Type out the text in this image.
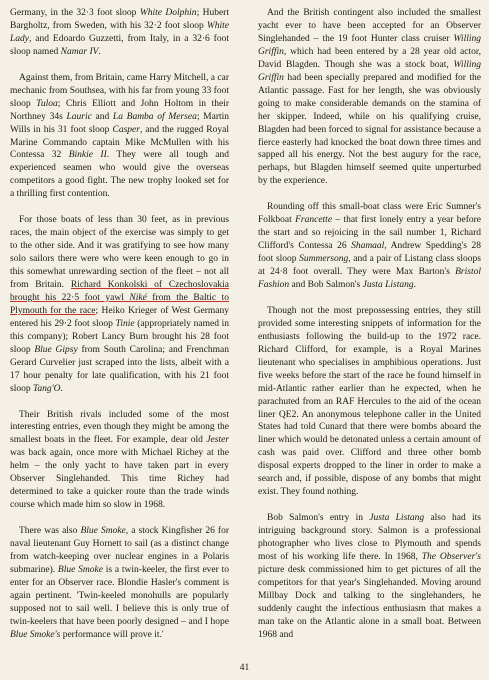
Germany, in the 32·3 foot sloop White Dolphin; Hubert Bargholtz, from Sweden, with his 32·2 foot sloop White Lady, and Edoardo Guzzetti, from Italy, in a 32·6 foot sloop named Namar IV.

Against them, from Britain, came Harry Mitchell, a car mechanic from Southsea, with his far from young 33 foot sloop Tuloa; Chris Elliott and John Holtom in their Northney 34s Lauric and La Bamba of Mersea; Martin Wills in his 31 foot sloop Casper, and the rugged Royal Marine Commando captain Mike McMullen with his Contessa 32 Binkie II. They were all tough and experienced seamen who would give the overseas competitors a good fight. The new trophy looked set for a thrilling first contention.

For those boats of less than 30 feet, as in previous races, the main object of the exercise was simply to get to the other side. And it was gratifying to see how many solo sailors there were who were keen enough to go in this somewhat unrewarding section of the fleet – not all from Britain. Richard Konkolski of Czechoslovakia brought his 22·5 foot yawl Niké from the Baltic to Plymouth for the race; Heiko Krieger of West Germany entered his 29·2 foot sloop Tinie (appropriately named in this company); Robert Lancy Burn brought his 28 foot sloop Blue Gipsy from South Carolina; and Frenchman Gerard Curvelier just scraped into the lists, albeit with a 17 hour penalty for late qualification, with his 21 foot sloop Tang'O.

Their British rivals included some of the most interesting entries, even though they might be among the smallest boats in the fleet. For example, dear old Jester was back again, once more with Michael Richey at the helm – the only yacht to have taken part in every Observer Singlehanded. This time Richey had determined to take a quicker route than the trade winds course which made him so slow in 1968.

There was also Blue Smoke, a stock Kingfisher 26 for naval lieutenant Guy Hornett to sail (as a distinct change from watch-keeping over nuclear engines in a Polaris submarine). Blue Smoke is a twin-keeler, the first ever to enter for an Observer race. Blondie Hasler's comment is again pertinent. 'Twin-keeled monohulls are popularly supposed not to sail well. I believe this is only true of twin-keelers that have been poorly designed – and I hope Blue Smoke's performance will prove it.'

And the British contingent also included the smallest yacht ever to have been accepted for an Observer Singlehanded – the 19 foot Hunter class cruiser Willing Griffin, which had been entered by a 28 year old actor, David Blagden. Though she was a stock boat, Willing Griffin had been specially prepared and modified for the Atlantic passage. Fast for her length, she was obviously going to make considerable demands on the stamina of her skipper. Indeed, while on his qualifying cruise, Blagden had been forced to signal for assistance because a fierce easterly had knocked the boat down three times and sapped all his energy. Not the best augury for the race, perhaps, but Blagden himself seemed quite unperturbed by the experience.

Rounding off this small-boat class were Eric Sumner's Folkboat Francette – that first lonely entry a year before the start and so rejoicing in the sail number 1, Richard Clifford's Contessa 26 Shamaal, Andrew Spedding's 28 foot sloop Summersong, and a pair of Listang class sloops at 24·8 foot overall. They were Max Barton's Bristol Fashion and Bob Salmon's Justa Listang.

Though not the most prepossessing entries, they still provided some interesting snippets of information for the enthusiasts following the build-up to the 1972 race. Richard Clifford, for example, is a Royal Marines lieutenant who specialises in amphibious operations. Just five weeks before the start of the race he found himself in mid-Atlantic rather earlier than he expected, when he parachuted from an RAF Hercules to the aid of the ocean liner QE2. An anonymous telephone caller in the United States had told Cunard that there were bombs aboard the liner which would be detonated unless a certain amount of cash was paid over. Clifford and three other bomb disposal experts dropped to the liner in order to make a search and, if possible, dispose of any bombs that might exist. They found nothing.

Bob Salmon's entry in Justa Listang also had its intriguing background story. Salmon is a professional photographer who lives close to Plymouth and spends most of his working life there. In 1968, The Observer's picture desk commissioned him to get pictures of all the competitors for that year's Singlehanded. Moving around Millbay Dock and talking to the singlehanders, he suddenly caught the infectious enthusiasm that makes a man take on the Atlantic alone in a small boat. Between 1968 and

41
